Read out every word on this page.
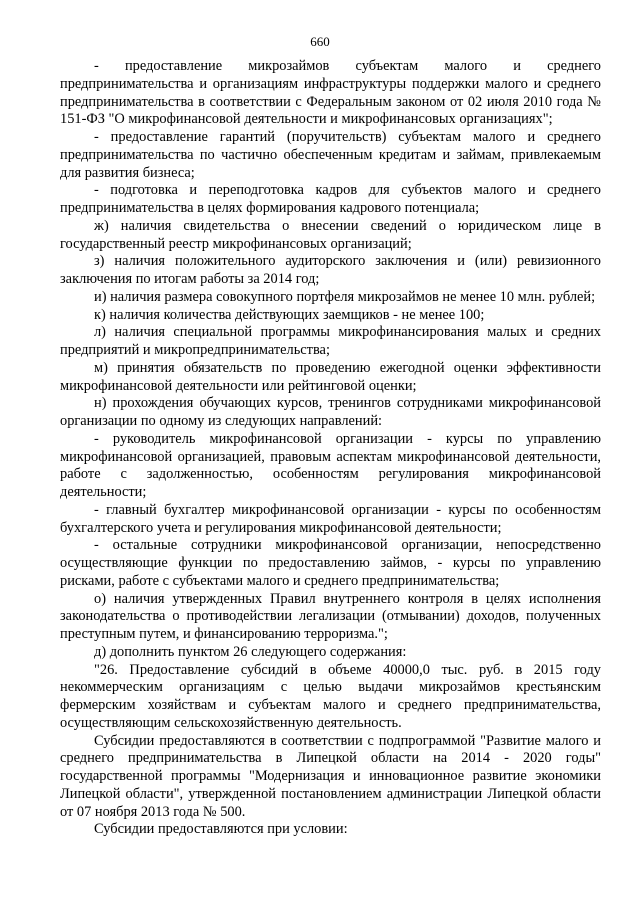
660

- предоставление микрозаймов субъектам малого и среднего предпринимательства и организациям инфраструктуры поддержки малого и среднего предпринимательства в соответствии с Федеральным законом от 02 июля 2010 года № 151-ФЗ "О микрофинансовой деятельности и микрофинансовых организациях";

- предоставление гарантий (поручительств) субъектам малого и среднего предпринимательства по частично обеспеченным кредитам и займам, привлекаемым для развития бизнеса;

- подготовка и переподготовка кадров для субъектов малого и среднего предпринимательства в целях формирования кадрового потенциала;

ж) наличия свидетельства о внесении сведений о юридическом лице в государственный реестр микрофинансовых организаций;

з) наличия положительного аудиторского заключения и (или) ревизионного заключения по итогам работы за 2014 год;

и) наличия размера совокупного портфеля микрозаймов не менее 10 млн. рублей;

к) наличия количества действующих заемщиков - не менее 100;

л) наличия специальной программы микрофинансирования малых и средних предприятий и микропредпринимательства;

м) принятия обязательств по проведению ежегодной оценки эффективности микрофинансовой деятельности или рейтинговой оценки;

н) прохождения обучающих курсов, тренингов сотрудниками микрофинансовой организации по одному из следующих направлений:

- руководитель микрофинансовой организации - курсы по управлению микрофинансовой организацией, правовым аспектам микрофинансовой деятельности, работе с задолженностью, особенностям регулирования микрофинансовой деятельности;

- главный бухгалтер микрофинансовой организации - курсы по особенностям бухгалтерского учета и регулирования микрофинансовой деятельности;

- остальные сотрудники микрофинансовой организации, непосредственно осуществляющие функции по предоставлению займов, - курсы по управлению рисками, работе с субъектами малого и среднего предпринимательства;

о) наличия утвержденных Правил внутреннего контроля в целях исполнения законодательства о противодействии легализации (отмывании) доходов, полученных преступным путем, и финансированию терроризма.";

д) дополнить пунктом 26 следующего содержания:

"26. Предоставление субсидий в объеме 40000,0 тыс. руб. в 2015 году некоммерческим организациям с целью выдачи микрозаймов крестьянским фермерским хозяйствам и субъектам малого и среднего предпринимательства, осуществляющим сельскохозяйственную деятельность.

Субсидии предоставляются в соответствии с подпрограммой "Развитие малого и среднего предпринимательства в Липецкой области на 2014 - 2020 годы" государственной программы "Модернизация и инновационное развитие экономики Липецкой области", утвержденной постановлением администрации Липецкой области от 07 ноября 2013 года № 500.

Субсидии предоставляются при условии:
